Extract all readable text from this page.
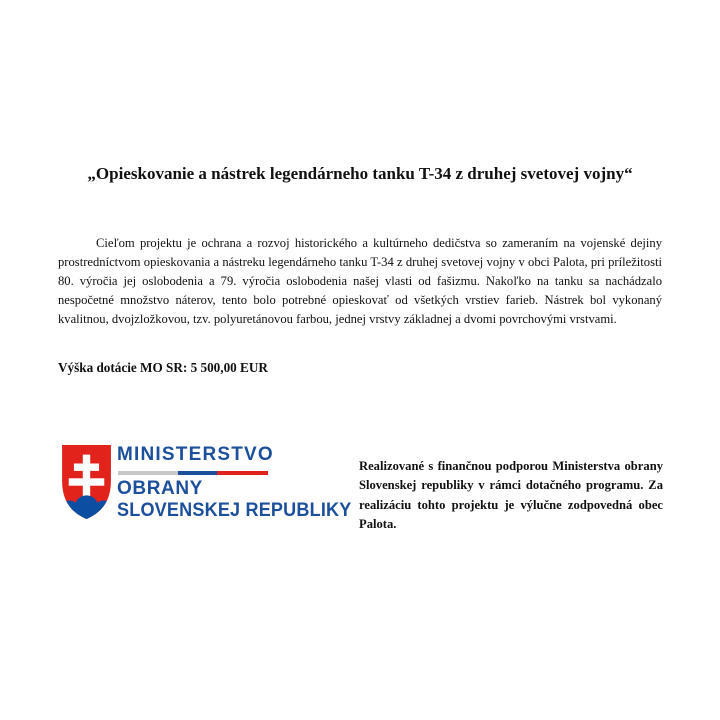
„Opieskovanie a nástrek legendárneho tanku T-34 z druhej svetovej vojny“

Cieľom projektu je ochrana a rozvoj historického a kultúrneho dedičstva so zameraním na vojenské dejiny prostredníctvom opieskovania a nástreku legendárneho tanku T-34 z druhej svetovej vojny v obci Palota, pri príležitosti 80. výročia jej oslobodenia a 79. výročia oslobodenia našej vlasti od fašizmu. Nakoľko na tanku sa nachádzalo nespočetné množstvo náterov, tento bolo potrebné opieskovať od všetkých vrstiev farieb. Nástrek bol vykonaný kvalitnou, dvojzložkovou, tzv. polyuretánovou farbou, jednej vrstvy základnej a dvomi povrchovými vrstvami.

Výška dotácie MO SR: 5 500,00 EUR

MINISTERSTVO

OBRANY

SLOVENSKEJ REPUBLIKY

Realizované s finančnou podporou Ministerstva obrany Slovenskej republiky v rámci dotačného programu. Za realizáciu tohto projektu je výlučne zodpovedná obec Palota.
